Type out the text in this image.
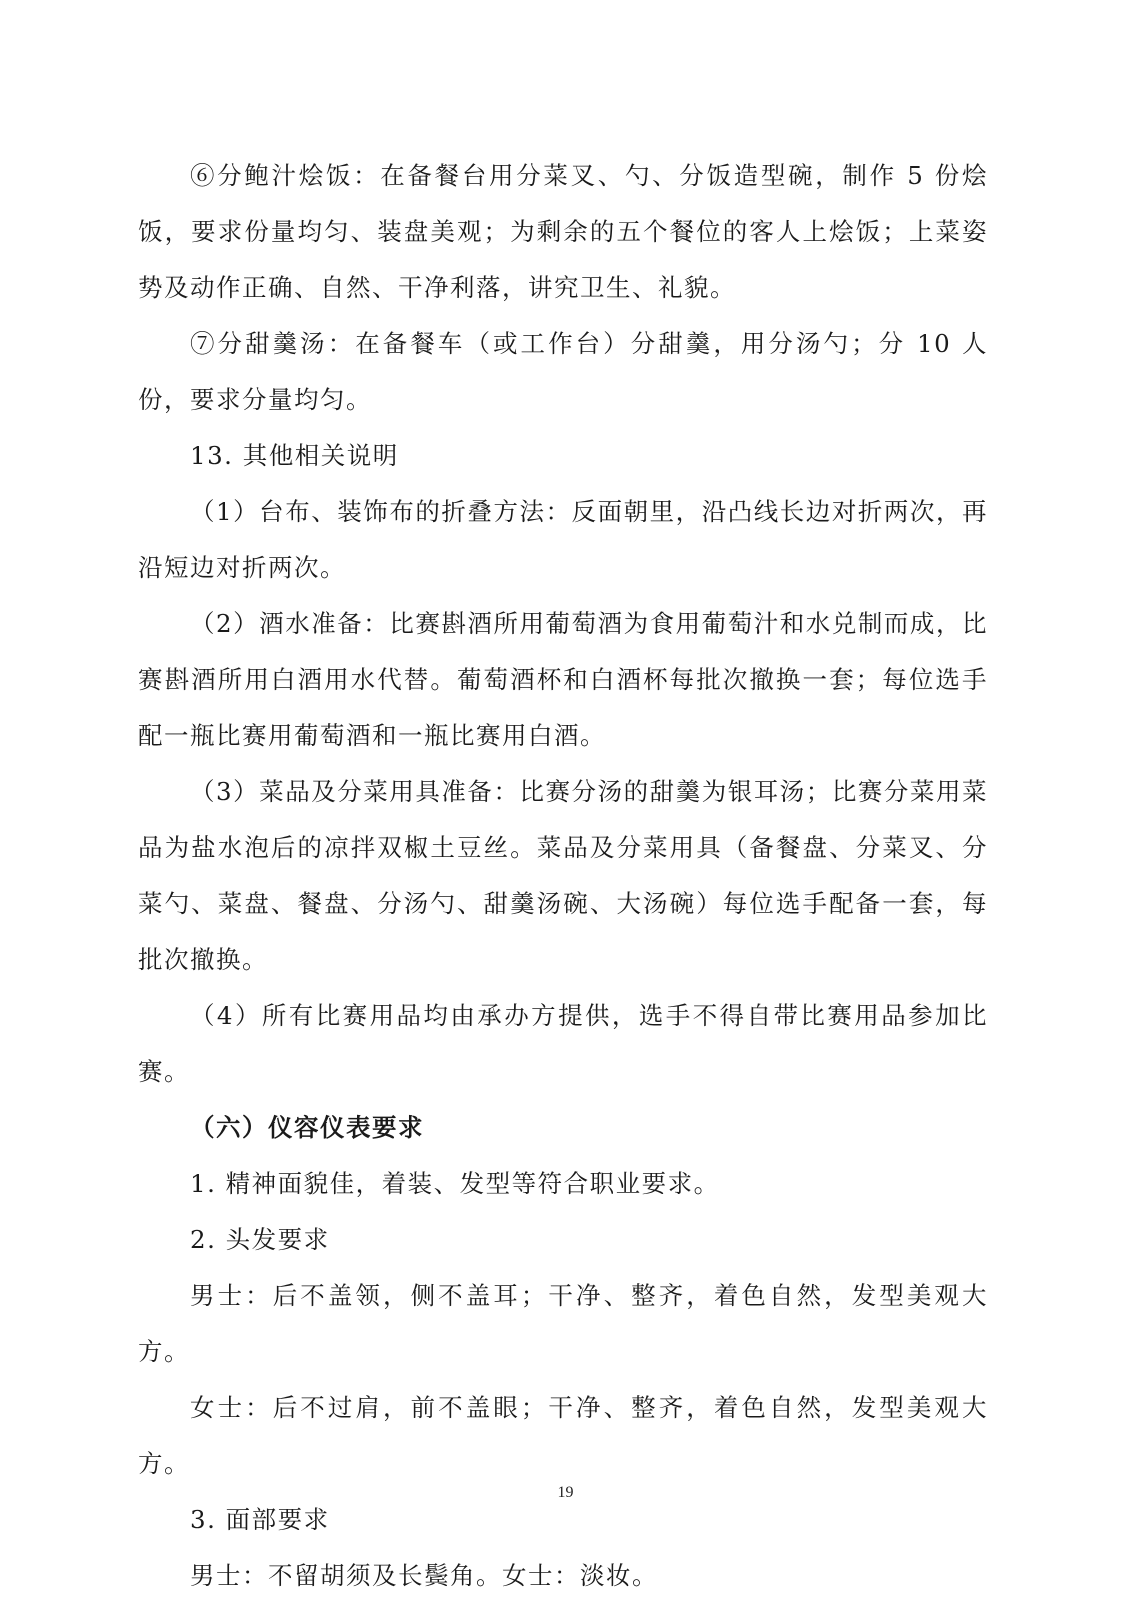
⑥分鲍汁烩饭：在备餐台用分菜叉、勺、分饭造型碗，制作 5 份烩饭，要求份量均匀、装盘美观；为剩余的五个餐位的客人上烩饭；上菜姿势及动作正确、自然、干净利落，讲究卫生、礼貌。

⑦分甜羹汤：在备餐车（或工作台）分甜羹，用分汤勺；分 10 人份，要求分量均匀。

13. 其他相关说明

（1）台布、装饰布的折叠方法：反面朝里，沿凸线长边对折两次，再沿短边对折两次。

（2）酒水准备：比赛斟酒所用葡萄酒为食用葡萄汁和水兑制而成，比赛斟酒所用白酒用水代替。葡萄酒杯和白酒杯每批次撤换一套；每位选手配一瓶比赛用葡萄酒和一瓶比赛用白酒。

（3）菜品及分菜用具准备：比赛分汤的甜羹为银耳汤；比赛分菜用菜品为盐水泡后的凉拌双椒土豆丝。菜品及分菜用具（备餐盘、分菜叉、分菜勺、菜盘、餐盘、分汤勺、甜羹汤碗、大汤碗）每位选手配备一套，每批次撤换。

（4）所有比赛用品均由承办方提供，选手不得自带比赛用品参加比赛。

（六）仪容仪表要求

1. 精神面貌佳，着装、发型等符合职业要求。

2. 头发要求

男士：后不盖领，侧不盖耳；干净、整齐，着色自然，发型美观大方。

女士：后不过肩，前不盖眼；干净、整齐，着色自然，发型美观大方。

3. 面部要求

男士：不留胡须及长鬓角。女士：淡妆。

19
